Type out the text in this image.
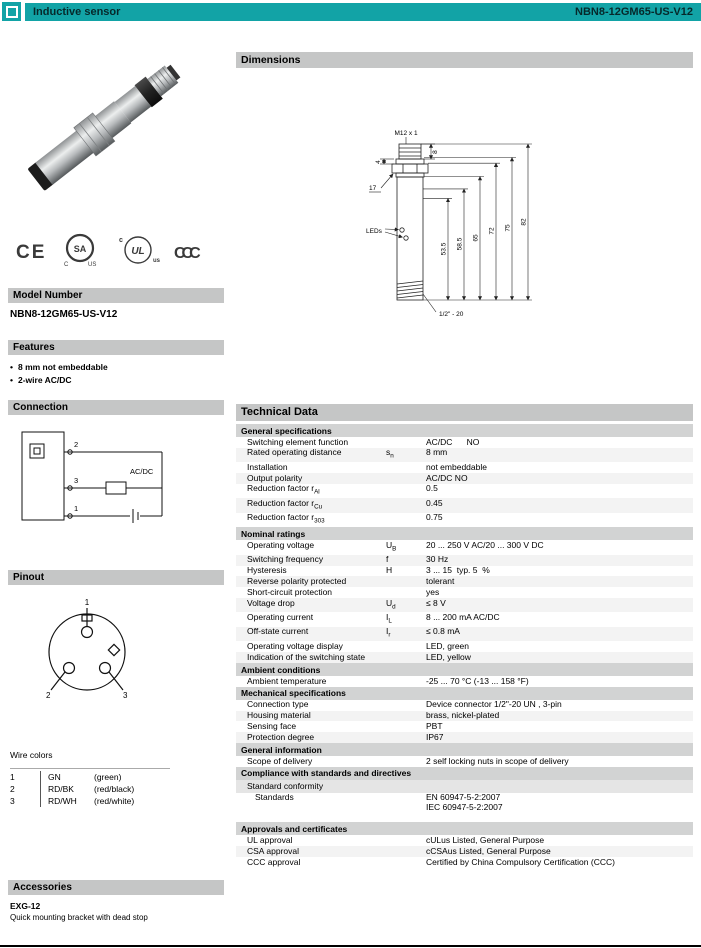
Inductive sensor	NBN8-12GM65-US-V12
CE	SA
C	US
UL
c
us CCC
Model Number
NBN8-12GM65-US-V12
Features
• 8 mm not embeddable
• 2-wire AC/DC
Connection
2
3
1
AC/DC
Pinout
1
2	3
Wire colors
1	GN	(green)
2	RD/BK	(red/black)
3	RD/WH	(red/white)
Accessories
EXG-12
Quick mounting bracket with dead stop
Dimensions
M12 x 1
8
4
17
LEDs
53.5 58.5 65
72 75
82
1/2" - 20
Technical Data
General specifications
Switching element function	AC/DC      NO
Rated operating distance	$s_n$	8 mm
Installation	not embeddable
Output polarity	AC/DC NO
Reduction factor $r_{Al}$	0.5
Reduction factor $r_{Cu}$	0.45
Reduction factor $r_{303}$	0.75
Nominal ratings
Operating voltage	$U_B$	20 ... 250 V AC/20 ... 300 V DC
Switching frequency	f	30 Hz
Hysteresis	H	3 ... 15  typ. 5  %
Reverse polarity protected	tolerant
Short-circuit protection	yes
Voltage drop	$U_d$	≤ 8 V
Operating current	$I_L$	8 ... 200 mA AC/DC
Off-state current	$I_r$	≤ 0.8 mA
Operating voltage display	LED, green
Indication of the switching state	LED, yellow
Ambient conditions
Ambient temperature	-25 ... 70 °C (-13 ... 158 °F)
Mechanical specifications
Connection type	Device connector 1/2"-20 UN , 3-pin
Housing material	brass, nickel-plated
Sensing face	PBT
Protection degree	IP67
General information
Scope of delivery	2 self locking nuts in scope of delivery
Compliance with standards and directives
Standard conformity
Standards	EN 60947-5-2:2007
IEC 60947-5-2:2007
Approvals and certificates
UL approval	cULus Listed, General Purpose
CSA approval	cCSAus Listed, General Purpose
CCC approval	Certified by China Compulsory Certification (CCC)
